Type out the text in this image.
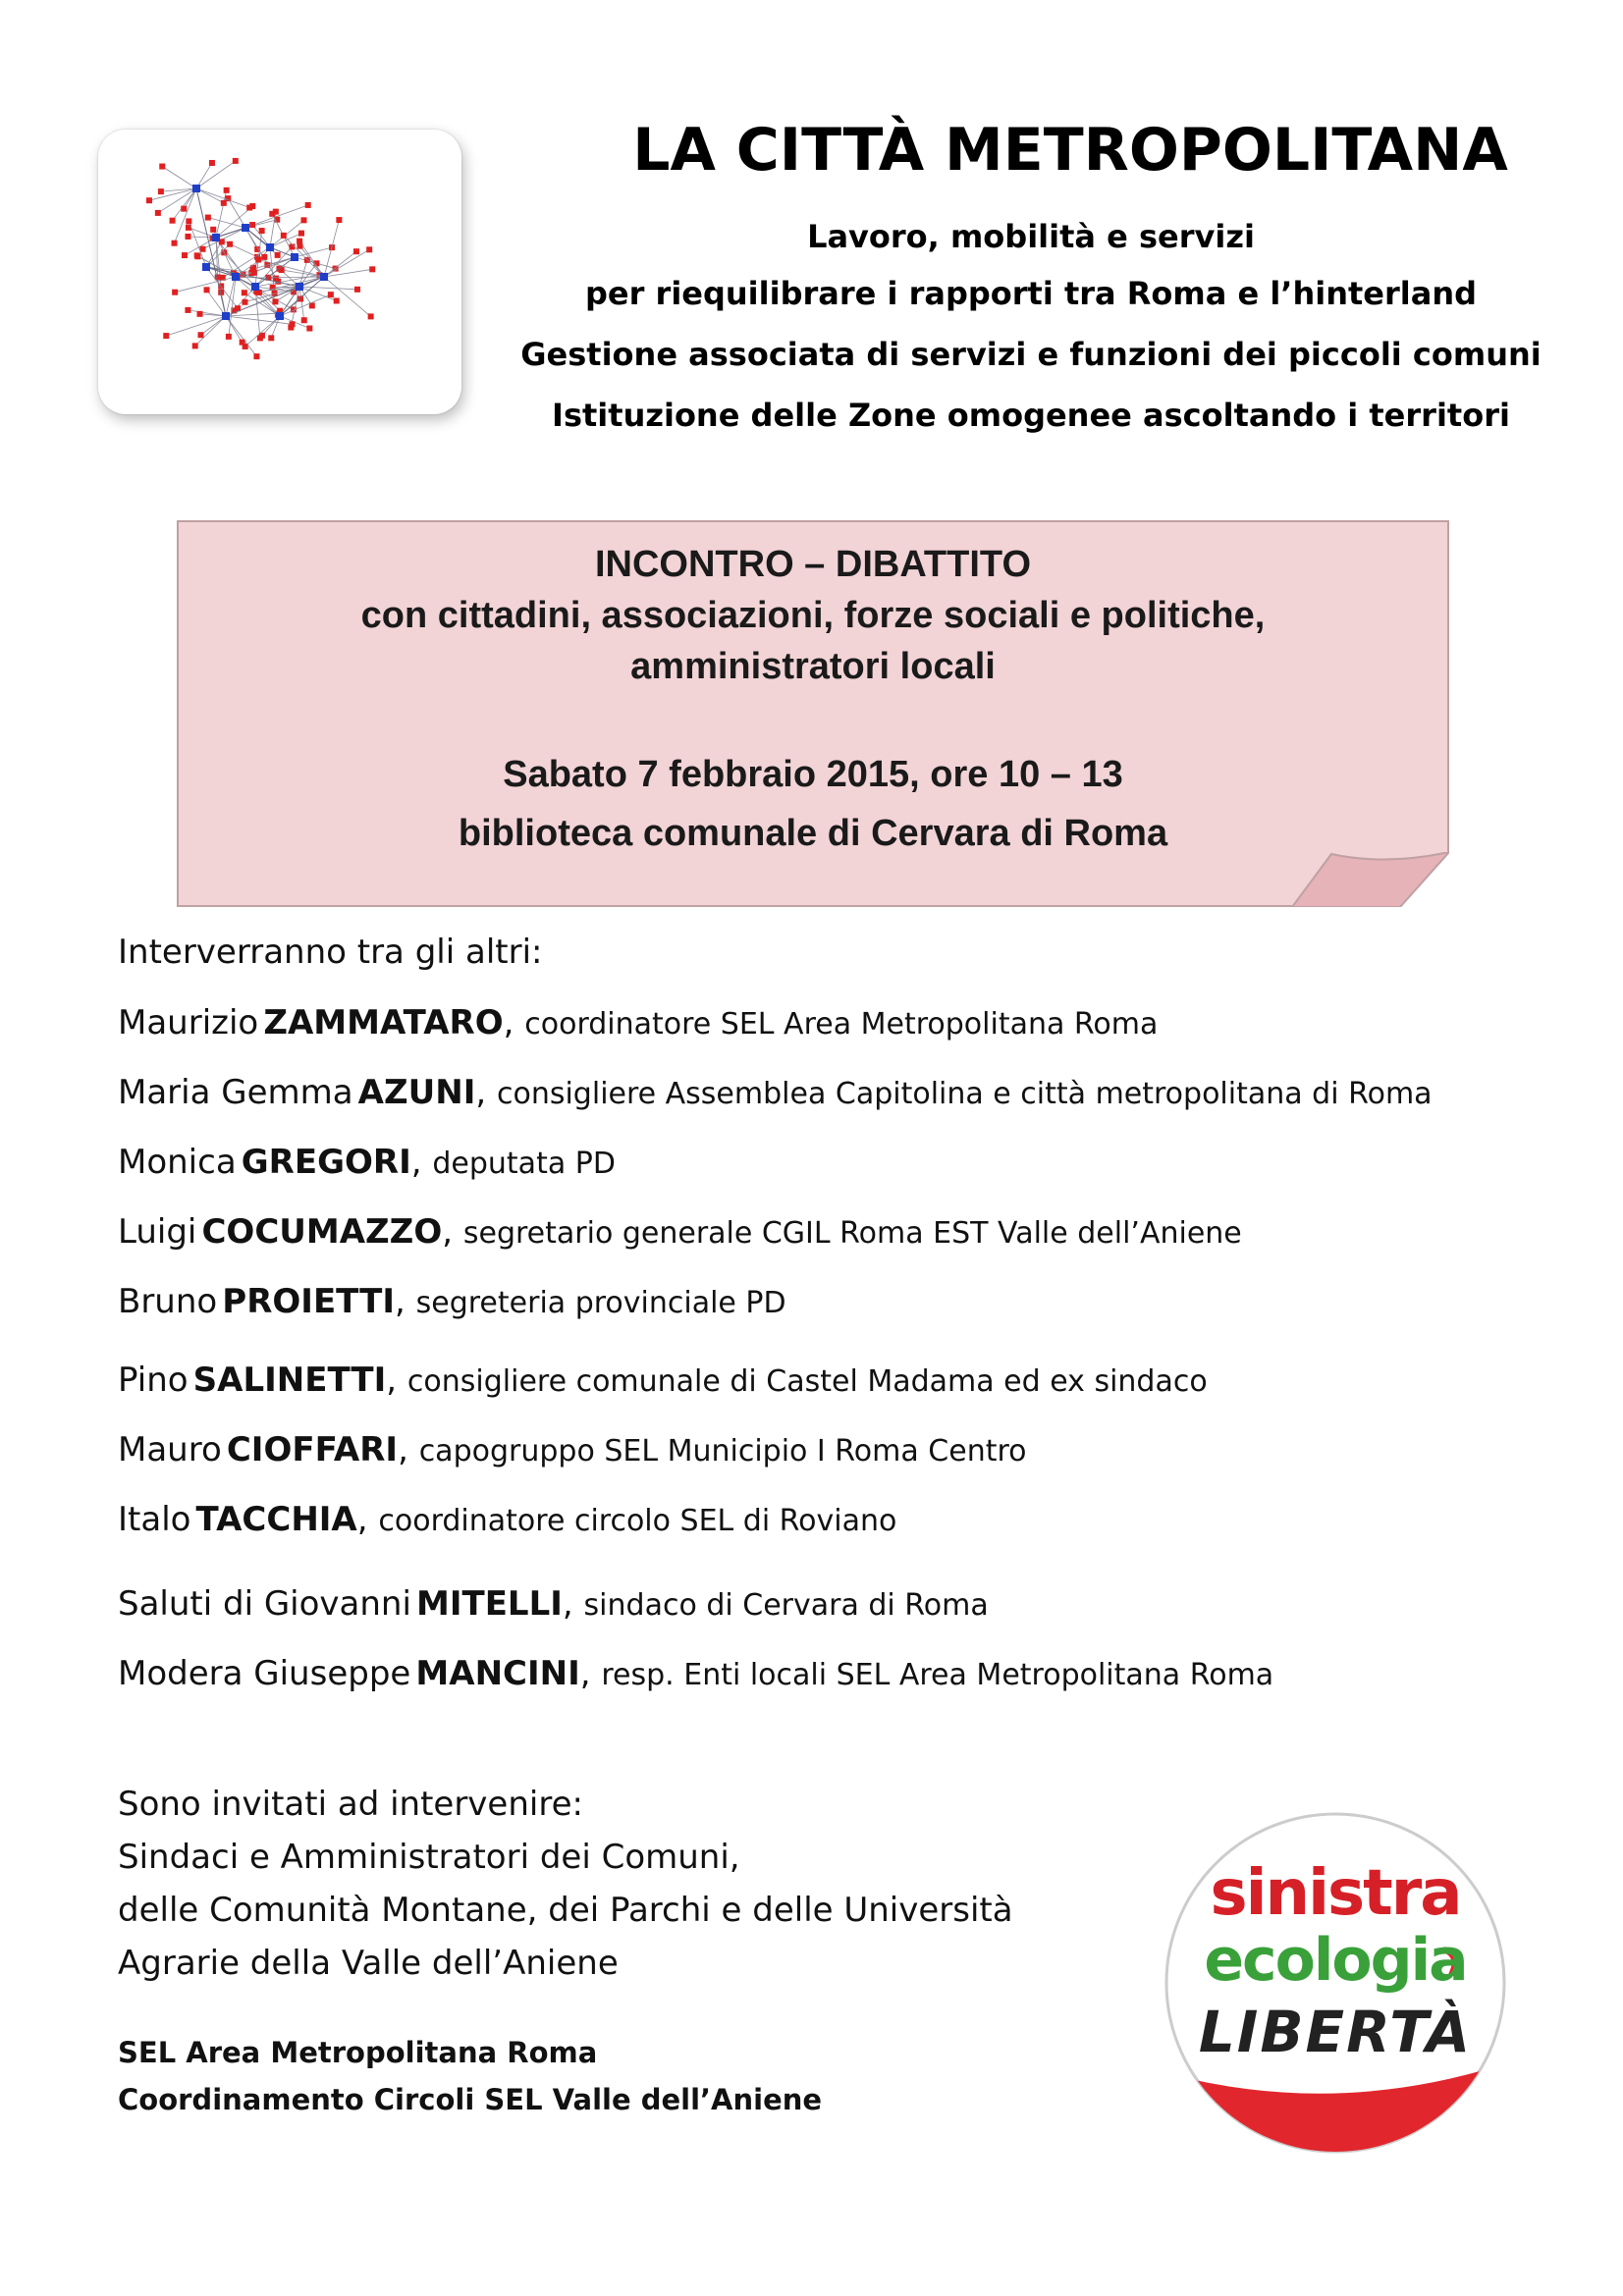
LA CITTÀ METROPOLITANA
Lavoro, mobilità e servizi
per riequilibrare i rapporti tra Roma e l’hinterland
Gestione associata di servizi e funzioni dei piccoli comuni
Istituzione delle Zone omogenee ascoltando i territori
INCONTRO – DIBATTITO
con cittadini, associazioni, forze sociali e politiche,
amministratori locali
Sabato 7 febbraio 2015, ore 10 – 13
biblioteca comunale di Cervara di Roma
Interverranno tra gli altri:
Maurizio ZAMMATARO, coordinatore SEL Area Metropolitana Roma
Maria Gemma AZUNI, consigliere Assemblea Capitolina e città metropolitana di Roma
Monica GREGORI, deputata PD
Luigi COCUMAZZO, segretario generale CGIL Roma EST Valle dell’Aniene
Bruno PROIETTI, segreteria provinciale PD
Pino SALINETTI, consigliere comunale di Castel Madama ed ex sindaco
Mauro CIOFFARI, capogruppo SEL Municipio I Roma Centro
Italo TACCHIA, coordinatore circolo SEL di Roviano
Saluti di Giovanni MITELLI, sindaco di Cervara di Roma
Modera Giuseppe MANCINI, resp. Enti locali SEL Area Metropolitana Roma
Sono invitati ad intervenire:
Sindaci e Amministratori dei Comuni,
delle Comunità Montane, dei Parchi e delle Università
Agrarie della Valle dell’Aniene
SEL Area Metropolitana Roma
Coordinamento Circoli SEL Valle dell’Aniene
sinistra
ecologia
LIBERTÀ
